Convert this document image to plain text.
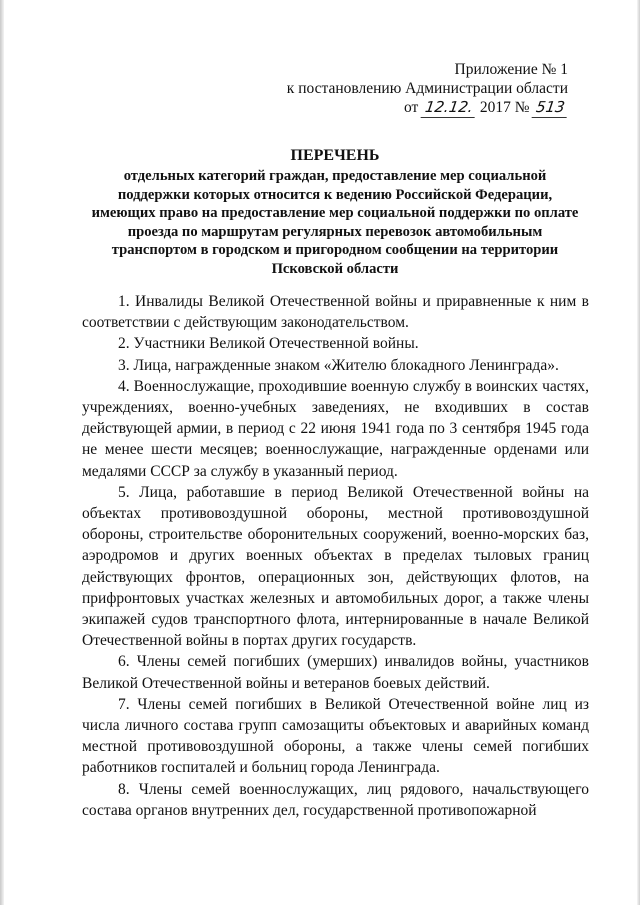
Приложение № 1
к постановлению Администрации области
от 12.12. 2017 № 513
ПЕРЕЧЕНЬ
отдельных категорий граждан, предоставление мер социальной
поддержки которых относится к ведению Российской Федерации,
имеющих право на предоставление мер социальной поддержки по оплате
проезда по маршрутам регулярных перевозок автомобильным
транспортом в городском и пригородном сообщении на территории
Псковской области

1. Инвалиды Великой Отечественной войны и приравненные к ним в соответствии с действующим законодательством.

2. Участники Великой Отечественной войны.

3. Лица, награжденные знаком «Жителю блокадного Ленинграда».

4. Военнослужащие, проходившие военную службу в воинских частях, учреждениях, военно-учебных заведениях, не входивших в состав действующей армии, в период с 22 июня 1941 года по 3 сентября 1945 года не менее шести месяцев; военнослужащие, награжденные орденами или медалями СССР за службу в указанный период.

5. Лица, работавшие в период Великой Отечественной войны на объектах противовоздушной обороны, местной противовоздушной обороны, строительстве оборонительных сооружений, военно-морских баз, аэродромов и других военных объектах в пределах тыловых границ действующих фронтов, операционных зон, действующих флотов, на прифронтовых участках железных и автомобильных дорог, а также члены экипажей судов транспортного флота, интернированные в начале Великой Отечественной войны в портах других государств.

6. Члены семей погибших (умерших) инвалидов войны, участников Великой Отечественной войны и ветеранов боевых действий.

7. Члены семей погибших в Великой Отечественной войне лиц из числа личного состава групп самозащиты объектовых и аварийных команд местной противовоздушной обороны, а также члены семей погибших работников госпиталей и больниц города Ленинграда.

8. Члены семей военнослужащих, лиц рядового, начальствующего состава органов внутренних дел, государственной противопожарной
